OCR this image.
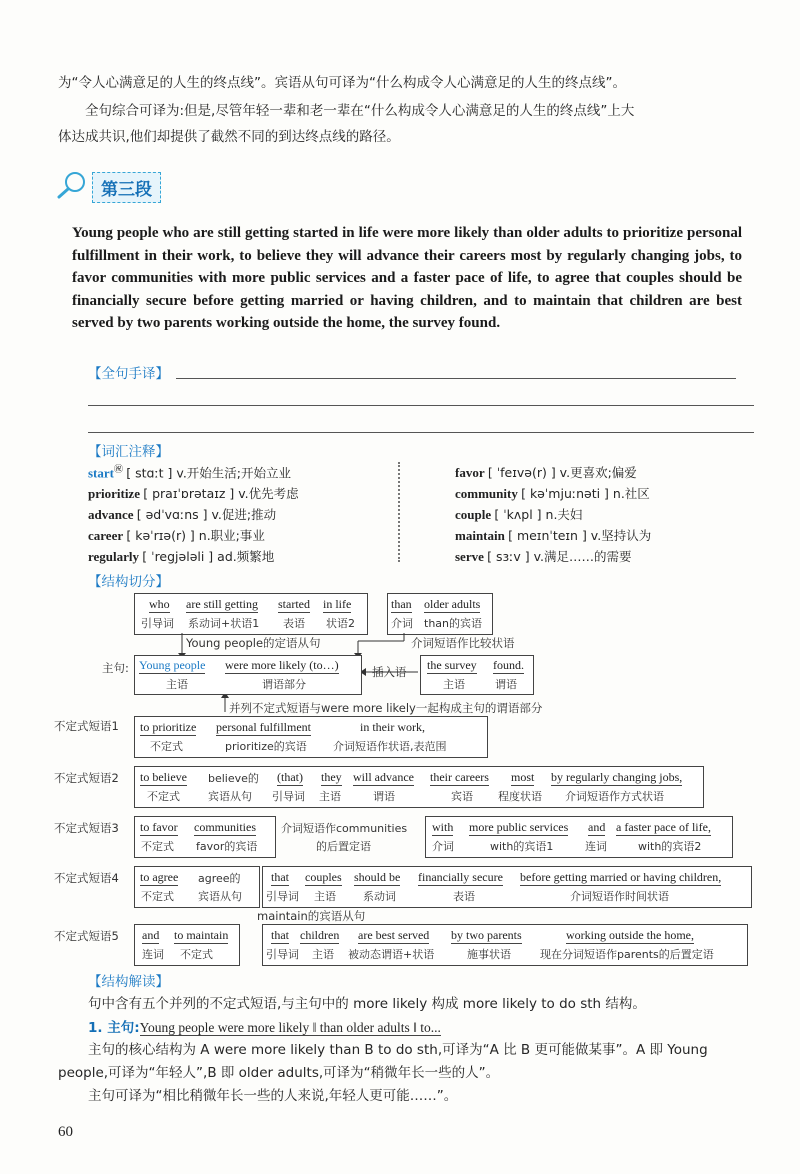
为“令人心满意足的人生的终点线”。宾语从句可译为“什么构成令人心满意足的人生的终点线”。
全句综合可译为:但是,尽管年轻一辈和老一辈在“什么构成令人心满意足的人生的终点线”上大
体达成共识,他们却提供了截然不同的到达终点线的路径。
第三段
Young people who are still getting started in life were more likely than older adults to prioritize personal fulfillment in their work, to believe they will advance their careers most by regularly changing jobs, to favor communities with more public services and a faster pace of life, to agree that couples should be financially secure before getting married or having children, and to maintain that children are best served by two parents working outside the home, the survey found.
【全句手译】
【词汇注释】
start㊗ [ stɑːt ] v.开始生活;开始立业
prioritize [ praɪˈɒrətaɪz ] v.优先考虑
advance [ ədˈvɑːns ] v.促进;推动
career [ kəˈrɪə(r) ] n.职业;事业
regularly [ ˈregjələli ] ad.频繁地
favor [ ˈfeɪvə(r) ] v.更喜欢;偏爱
community [ kəˈmjuːnəti ] n.社区
couple [ ˈkʌpl ] n.夫妇
maintain [ meɪnˈteɪn ] v.坚持认为
serve [ sɜːv ] v.满足……的需要
【结构切分】
who
引导词
are still getting
系动词+状语1
started
表语
in life
状语2
than
介词
older adults
than的宾语
Young people的定语从句	介词短语作比较状语
主句: Young people
主语
were more likely (to…)
谓语部分
插入语 the survey
主语
found.
谓语
并列不定式短语与were more likely一起构成主句的谓语部分
不定式短语1 to prioritize
不定式
personal fulfillment
prioritize的宾语
in their work,
介词短语作状语,表范围
不定式短语2 to believe
不定式
believe的
宾语从句
(that)
引导词
they
主语
will advance
谓语
their careers
宾语
most
程度状语
by regularly changing jobs,
介词短语作方式状语
不定式短语3 to favor
不定式
communities
favor的宾语
介词短语作communities
的后置定语
with
介词
more public services
with的宾语1
and
连词
a faster pace of life,
with的宾语2
不定式短语4 to agree
不定式
agree的
宾语从句
that
引导词
couples
主语
should be
系动词
financially secure
表语
before getting married or having children,
介词短语作时间状语
maintain的宾语从句
不定式短语5 and
连词
to maintain
不定式
that
引导词
children
主语
are best served
被动态谓语+状语
by two parents
施事状语
working outside the home,
现在分词短语作parents的后置定语
【结构解读】
句中含有五个并列的不定式短语,与主句中的 more likely 构成 more likely to do sth 结构。
1. 主句:Young people were more likely ‖ than older adults ‖ to...
主句的核心结构为 A were more likely than B to do sth,可译为“A 比 B 更可能做某事”。A 即 Young
people,可译为“年轻人”,B 即 older adults,可译为“稍微年长一些的人”。
主句可译为“相比稍微年长一些的人来说,年轻人更可能……”。
60
